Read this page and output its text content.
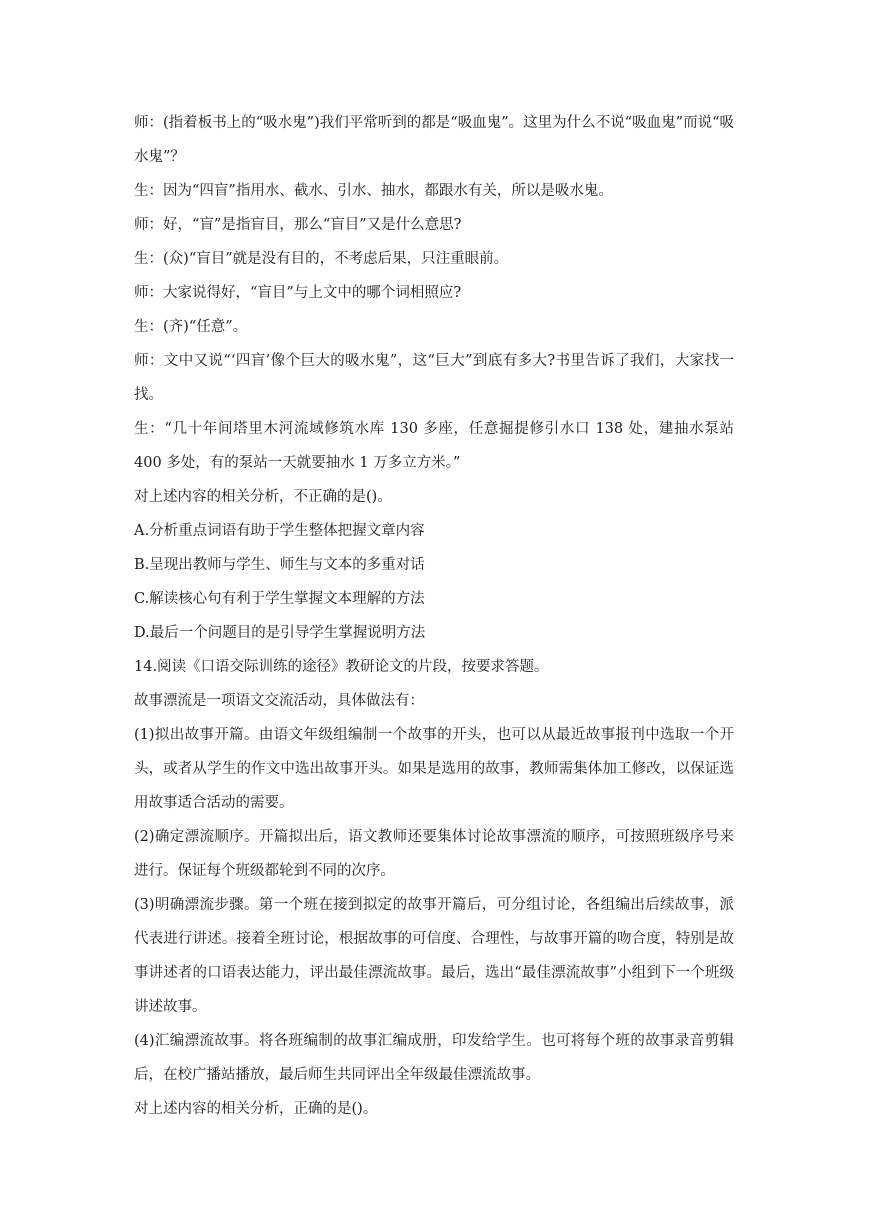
师：(指着板书上的“吸水鬼”)我们平常听到的都是“吸血鬼”。这里为什么不说“吸血鬼”而说“吸水鬼”？

生：因为“四盲”指用水、截水、引水、抽水，都跟水有关，所以是吸水鬼。

师：好，“盲”是指盲目，那么“盲目”又是什么意思?

生：(众)“盲目”就是没有目的，不考虑后果，只注重眼前。

师：大家说得好，“盲目”与上文中的哪个词相照应?

生：(齐)“任意”。

师：文中又说“‘四盲’像个巨大的吸水鬼”，这“巨大”到底有多大?书里告诉了我们，大家找一找。

生：“几十年间塔里木河流域修筑水库 130 多座，任意掘提修引水口 138 处，建抽水泵站 400 多处，有的泵站一天就要抽水 1 万多立方米。”

对上述内容的相关分析，不正确的是()。

A.分析重点词语有助于学生整体把握文章内容

B.呈现出教师与学生、师生与文本的多重对话

C.解读核心句有利于学生掌握文本理解的方法

D.最后一个问题目的是引导学生掌握说明方法

14.阅读《口语交际训练的途径》教研论文的片段，按要求答题。

故事漂流是一项语文交流活动，具体做法有：

(1)拟出故事开篇。由语文年级组编制一个故事的开头，也可以从最近故事报刊中选取一个开头，或者从学生的作文中选出故事开头。如果是选用的故事，教师需集体加工修改，以保证选用故事适合活动的需要。

(2)确定漂流顺序。开篇拟出后，语文教师还要集体讨论故事漂流的顺序，可按照班级序号来进行。保证每个班级都轮到不同的次序。

(3)明确漂流步骤。第一个班在接到拟定的故事开篇后，可分组讨论，各组编出后续故事，派代表进行讲述。接着全班讨论，根据故事的可信度、合理性，与故事开篇的吻合度，特别是故事讲述者的口语表达能力，评出最佳漂流故事。最后，选出“最佳漂流故事”小组到下一个班级讲述故事。

(4)汇编漂流故事。将各班编制的故事汇编成册，印发给学生。也可将每个班的故事录音剪辑后，在校广播站播放，最后师生共同评出全年级最佳漂流故事。

对上述内容的相关分析，正确的是()。
